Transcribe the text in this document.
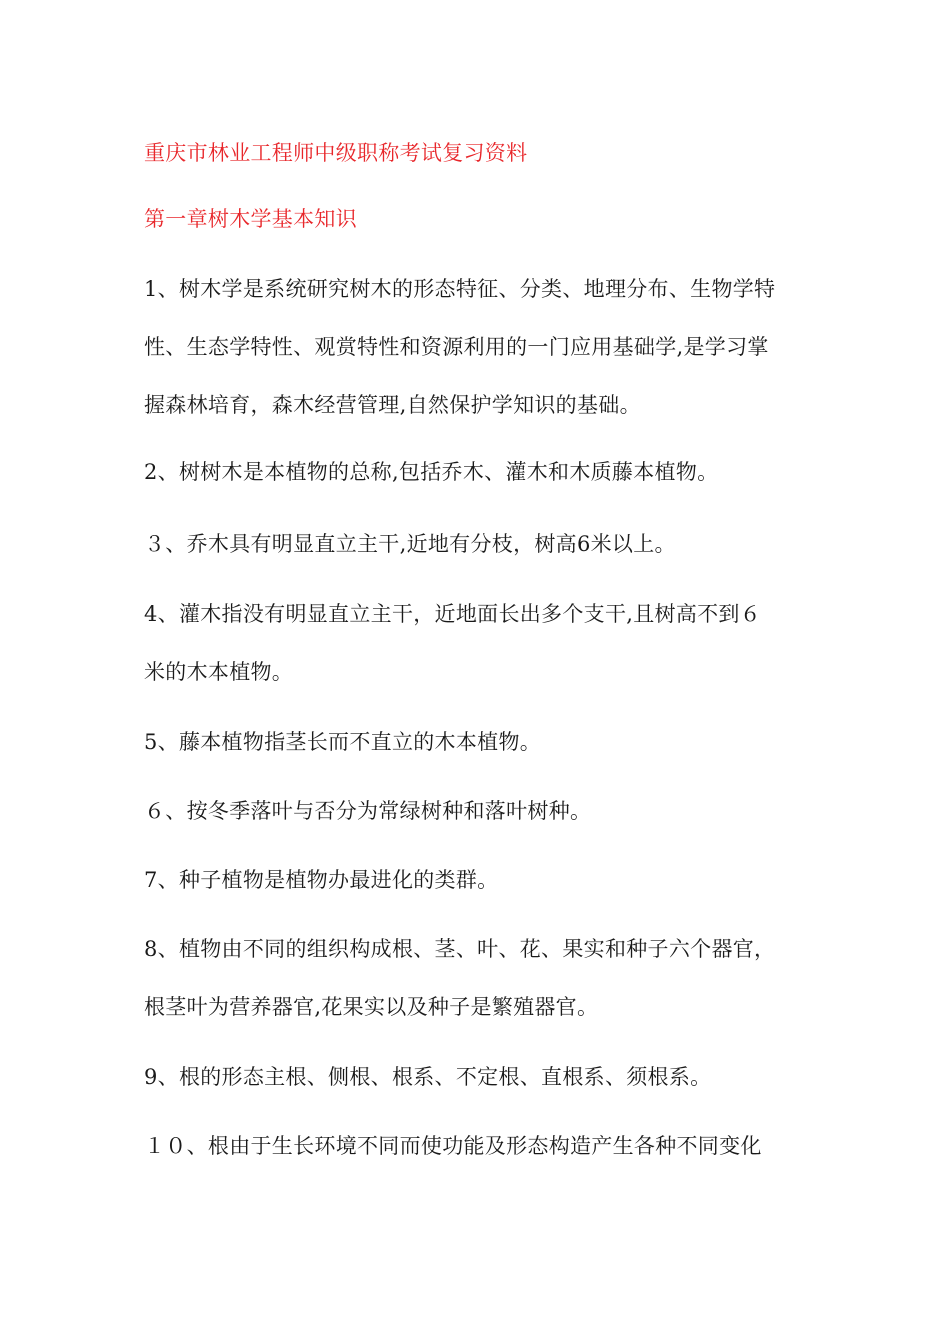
重庆市林业工程师中级职称考试复习资料
第一章树木学基本知识
1、树木学是系统研究树木的形态特征、分类、地理分布、生物学特
性、生态学特性、观赏特性和资源利用的一门应用基础学,是学习掌
握森林培育，森木经营管理,自然保护学知识的基础。
2、树树木是本植物的总称,包括乔木、灌木和木质藤本植物。
３、乔木具有明显直立主干,近地有分枝，树高6米以上。
4、灌木指没有明显直立主干，近地面长出多个支干,且树高不到６
米的木本植物。
5、藤本植物指茎长而不直立的木本植物。
６、按冬季落叶与否分为常绿树种和落叶树种。
7、种子植物是植物办最进化的类群。
8、植物由不同的组织构成根、茎、叶、花、果实和种子六个器官，
根茎叶为营养器官,花果实以及种子是繁殖器官。
9、根的形态主根、侧根、根系、不定根、直根系、须根系。
１０、根由于生长环境不同而使功能及形态构造产生各种不同变化
